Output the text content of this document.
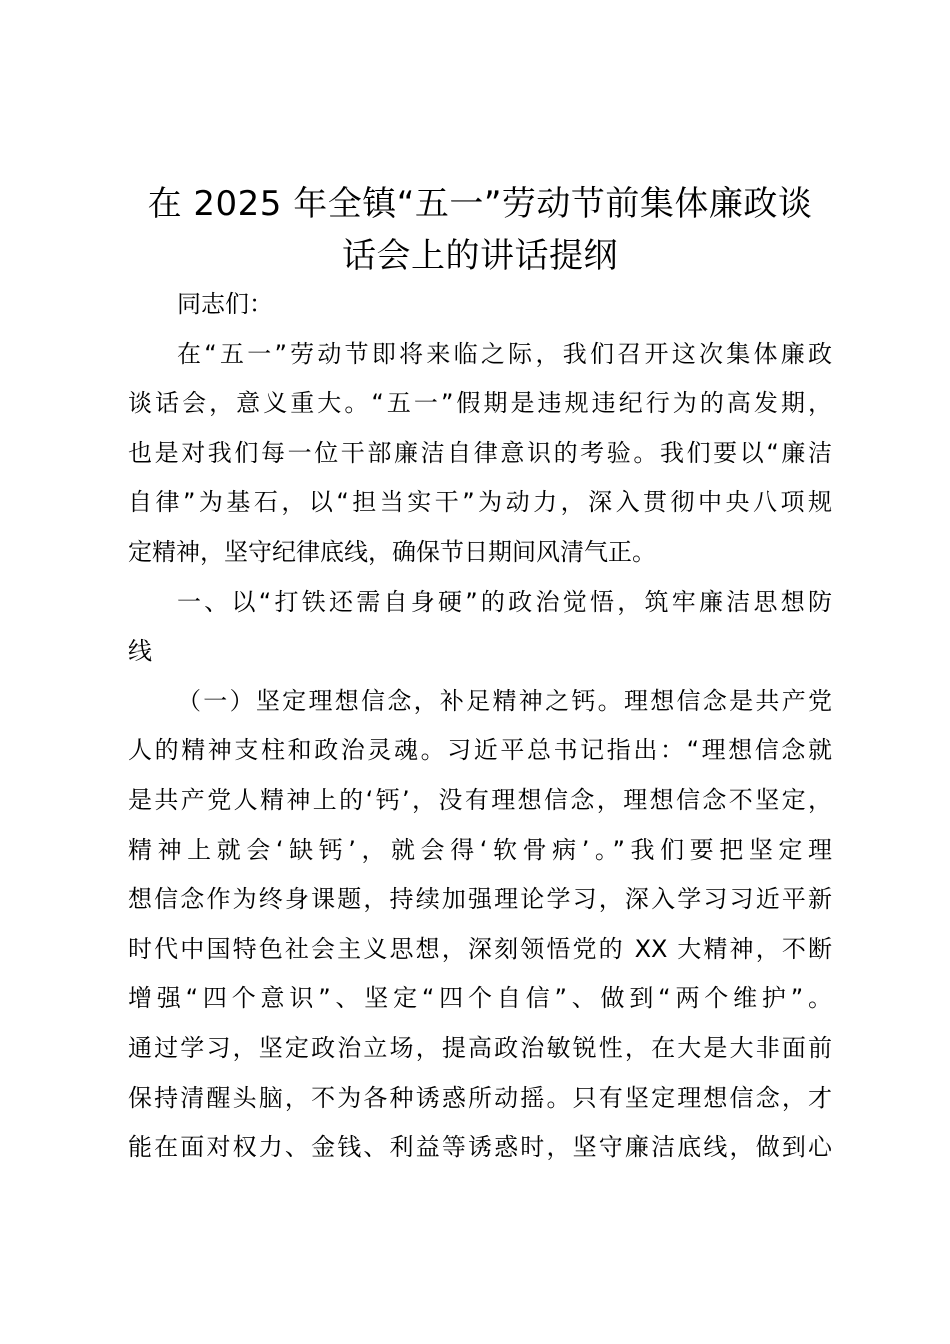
在 2025 年全镇“五一”劳动节前集体廉政谈
话会上的讲话提纲
同志们：
在“五一”劳动节即将来临之际，我们召开这次集体廉政
谈话会，意义重大。“五一”假期是违规违纪行为的高发期，
也是对我们每一位干部廉洁自律意识的考验。我们要以“廉洁
自律”为基石，以“担当实干”为动力，深入贯彻中央八项规
定精神，坚守纪律底线，确保节日期间风清气正。
一、以“打铁还需自身硬”的政治觉悟，筑牢廉洁思想防
线
（一）坚定理想信念，补足精神之钙。理想信念是共产党
人的精神支柱和政治灵魂。习近平总书记指出：“理想信念就
是共产党人精神上的‘钙’，没有理想信念，理想信念不坚定，
精神上就会‘缺钙’，就会得‘软骨病’。”我们要把坚定理
想信念作为终身课题，持续加强理论学习，深入学习习近平新
时代中国特色社会主义思想，深刻领悟党的 XX 大精神，不断
增强“四个意识”、坚定“四个自信”、做到“两个维护”。
通过学习，坚定政治立场，提高政治敏锐性，在大是大非面前
保持清醒头脑，不为各种诱惑所动摇。只有坚定理想信念，才
能在面对权力、金钱、利益等诱惑时，坚守廉洁底线，做到心
